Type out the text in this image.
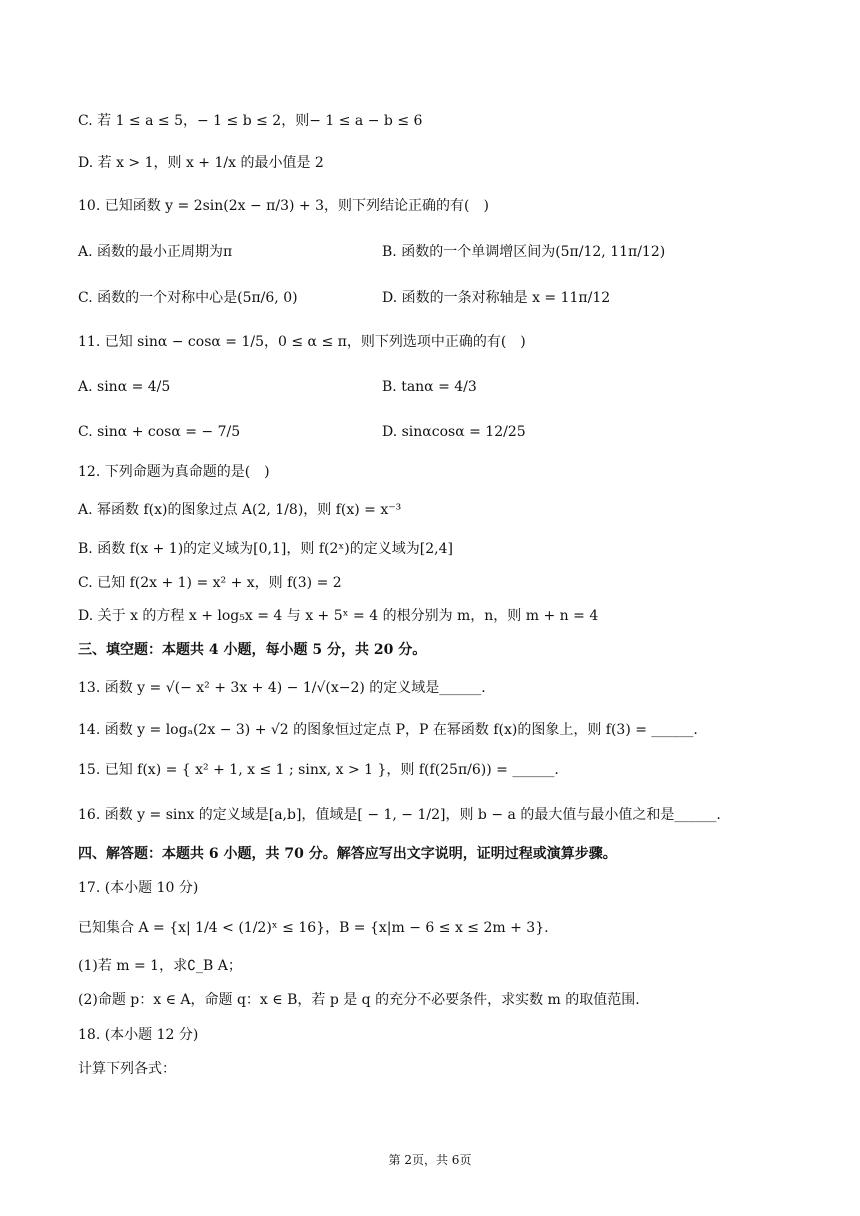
C. 若 1 ≤ a ≤ 5，− 1 ≤ b ≤ 2，则− 1 ≤ a − b ≤ 6
D. 若 x > 1，则 x + 1/x 的最小值是 2
10. 已知函数 y = 2sin(2x − π/3) + 3，则下列结论正确的有(　)
A. 函数的最小正周期为π	B. 函数的一个单调增区间为(5π/12, 11π/12)
C. 函数的一个对称中心是(5π/6, 0)	D. 函数的一条对称轴是 x = 11π/12
11. 已知 sinα − cosα = 1/5，0 ≤ α ≤ π，则下列选项中正确的有(　)
A. sinα = 4/5	B. tanα = 4/3
C. sinα + cosα = − 7/5	D. sinαcosα = 12/25
12. 下列命题为真命题的是(　)
A. 幂函数 f(x)的图象过点 A(2, 1/8)，则 f(x) = x⁻³
B. 函数 f(x + 1)的定义域为[0,1]，则 f(2ˣ)的定义域为[2,4]
C. 已知 f(2x + 1) = x² + x，则 f(3) = 2
D. 关于 x 的方程 x + log₅x = 4 与 x + 5ˣ = 4 的根分别为 m，n，则 m + n = 4
三、填空题：本题共 4 小题，每小题 5 分，共 20 分。
13. 函数 y = √(− x² + 3x + 4) − 1/√(x−2) 的定义域是______.
14. 函数 y = logₐ(2x − 3) + √2 的图象恒过定点 P，P 在幂函数 f(x)的图象上，则 f(3) = ______.
15. 已知 f(x) = { x² + 1, x ≤ 1 ; sinx, x > 1 }，则 f(f(25π/6)) = ______.
16. 函数 y = sinx 的定义域是[a,b]，值域是[ − 1, − 1/2]，则 b − a 的最大值与最小值之和是______.
四、解答题：本题共 6 小题，共 70 分。解答应写出文字说明，证明过程或演算步骤。
17. (本小题 10 分)
已知集合 A = {x| 1/4 < (1/2)ˣ ≤ 16}，B = {x|m − 6 ≤ x ≤ 2m + 3}.
(1)若 m = 1，求∁_B A；
(2)命题 p：x ∈ A，命题 q：x ∈ B，若 p 是 q 的充分不必要条件，求实数 m 的取值范围.
18. (本小题 12 分)
计算下列各式：
第 2页，共 6页
